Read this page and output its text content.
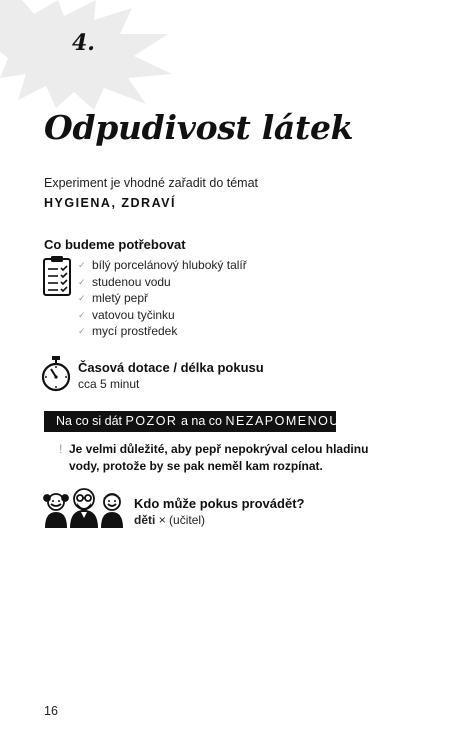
4.
Odpudivost látek
Experiment je vhodné zařadit do témat
HYGIENA, ZDRAVÍ
Co budeme potřebovat
✓ bílý porcelánový hluboký talíř
✓ studenou vodu
✓ mletý pepř
✓ vatovou tyčinku
✓ mycí prostředek
Časová dotace / délka pokusu
cca 5 minut
Na co si dát POZOR a na co NEZAPOMENOUT
! Je velmi důležité, aby pepř nepokrýval celou hladinu vody, protože by se pak neměl kam rozpínat.
Kdo může pokus provádět?
děti × (učitel)
16
